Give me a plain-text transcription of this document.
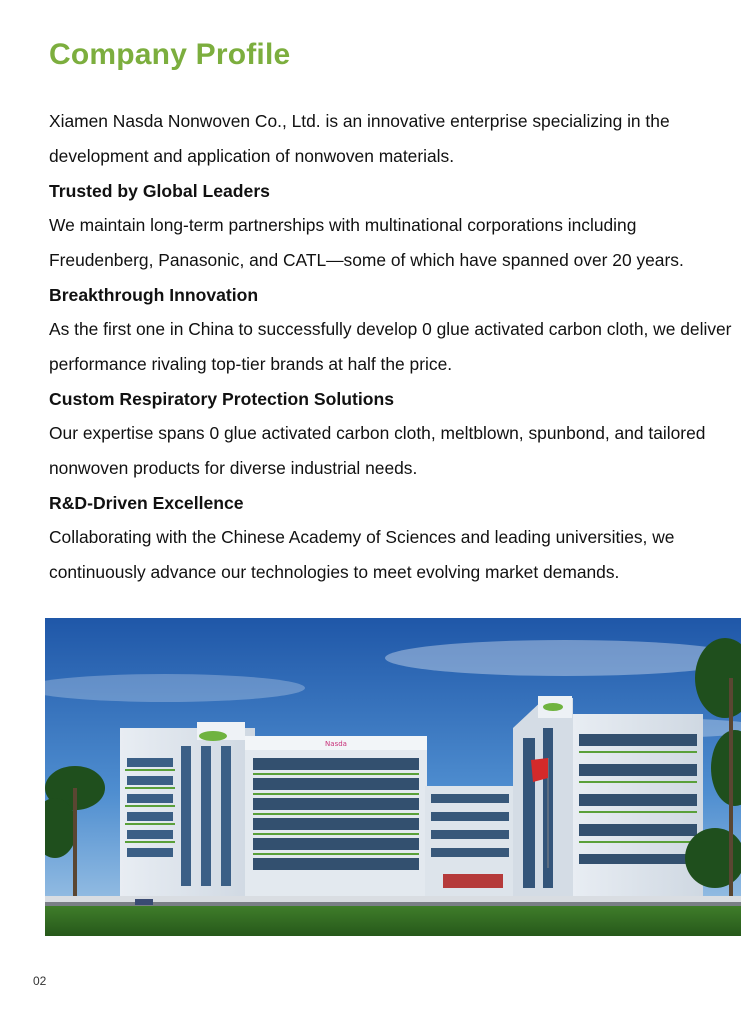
Company Profile

Xiamen Nasda Nonwoven Co., Ltd. is an innovative enterprise specializing in the development and application of nonwoven materials.

Trusted by Global Leaders

We maintain long-term partnerships with multinational corporations including Freudenberg, Panasonic, and CATL—some of which have spanned over 20 years.

Breakthrough Innovation

As the first one in China to successfully develop 0 glue activated carbon cloth, we deliver performance rivaling top-tier brands at half the price.

Custom Respiratory Protection Solutions

Our expertise spans 0 glue activated carbon cloth, meltblown, spunbond, and tailored nonwoven products for diverse industrial needs.

R&D-Driven Excellence

Collaborating with the Chinese Academy of Sciences and leading universities, we continuously advance our technologies to meet evolving market demands.

Nasda
02
